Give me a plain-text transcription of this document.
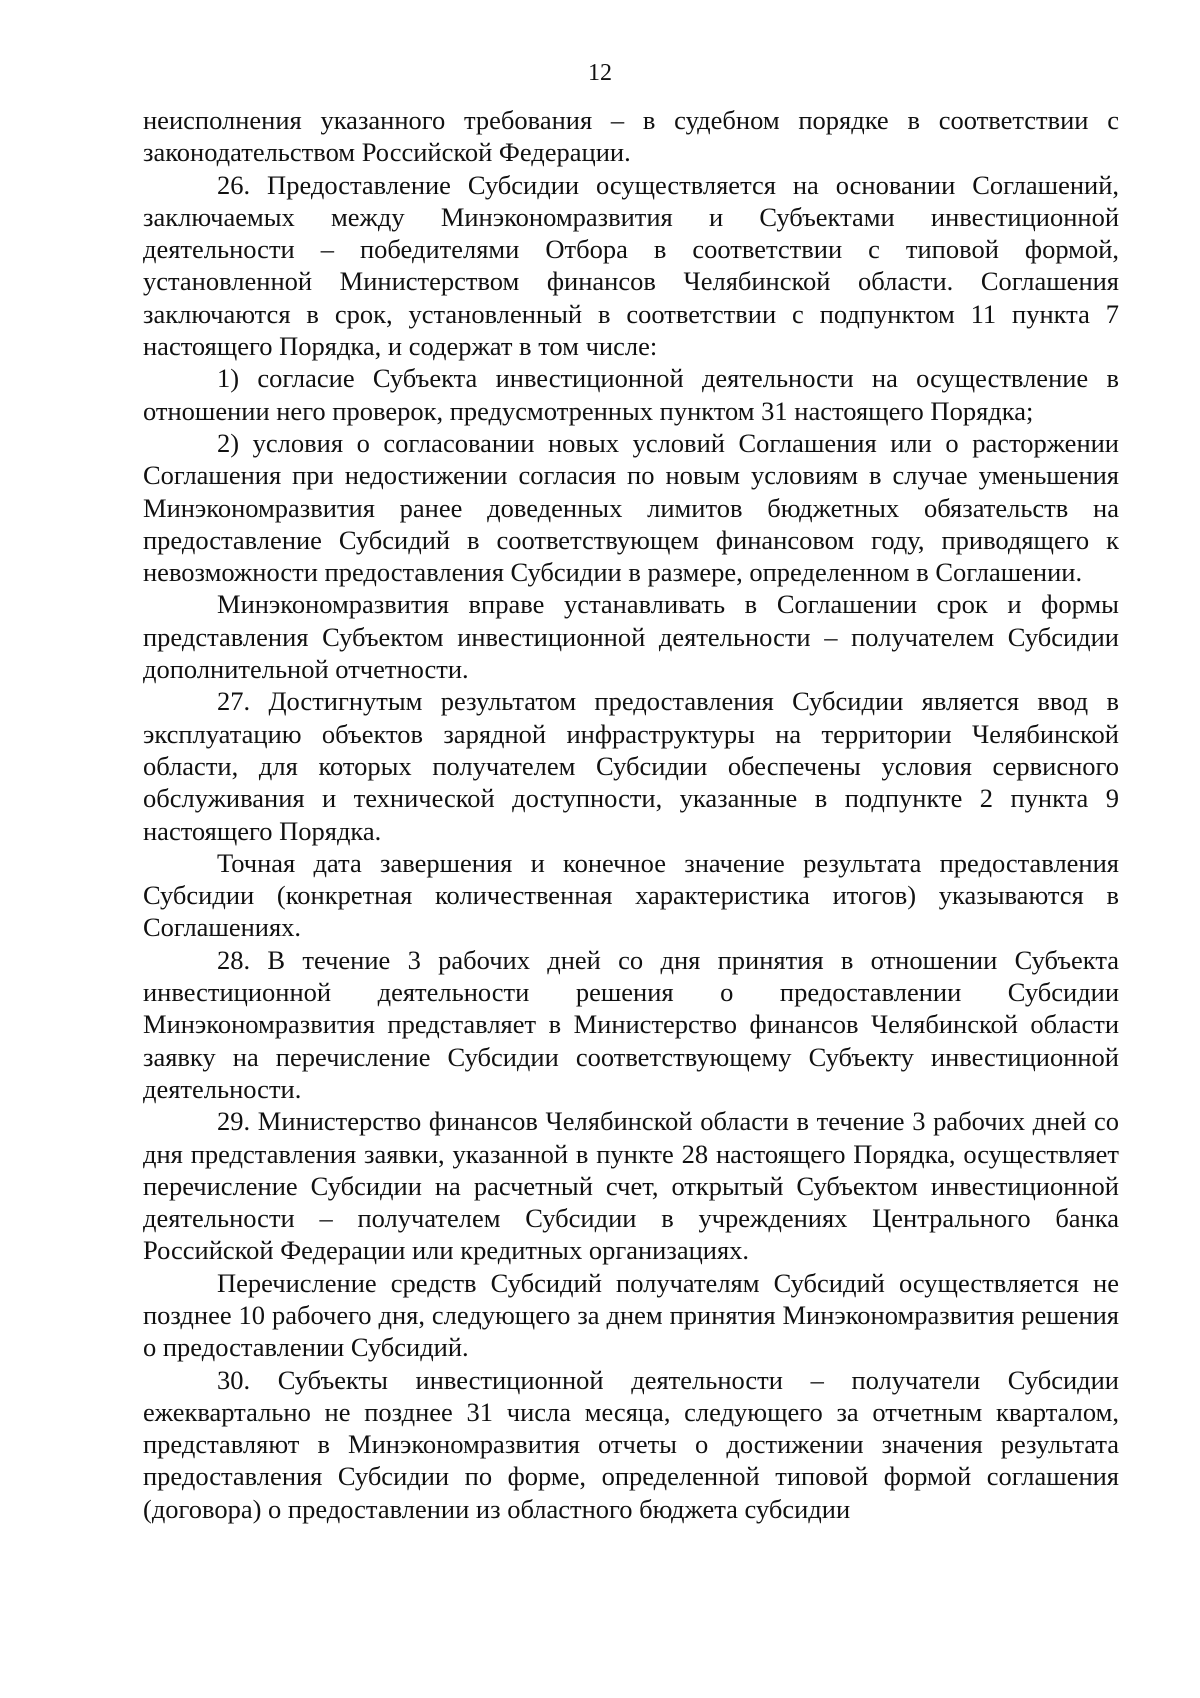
12

неисполнения указанного требования – в судебном порядке в соответствии с законодательством Российской Федерации.

26. Предоставление Субсидии осуществляется на основании Соглашений, заключаемых между Минэкономразвития и Субъектами инвестиционной деятельности – победителями Отбора в соответствии с типовой формой, установленной Министерством финансов Челябинской области. Соглашения заключаются в срок, установленный в соответствии с подпунктом 11 пункта 7 настоящего Порядка, и содержат в том числе:

1) согласие Субъекта инвестиционной деятельности на осуществление в отношении него проверок, предусмотренных пунктом 31 настоящего Порядка;

2) условия о согласовании новых условий Соглашения или о расторжении Соглашения при недостижении согласия по новым условиям в случае уменьшения Минэкономразвития ранее доведенных лимитов бюджетных обязательств на предоставление Субсидий в соответствующем финансовом году, приводящего к невозможности предоставления Субсидии в размере, определенном в Соглашении.

Минэкономразвития вправе устанавливать в Соглашении срок и формы представления Субъектом инвестиционной деятельности – получателем Субсидии дополнительной отчетности.

27. Достигнутым результатом предоставления Субсидии является ввод в эксплуатацию объектов зарядной инфраструктуры на территории Челябинской области, для которых получателем Субсидии обеспечены условия сервисного обслуживания и технической доступности, указанные в подпункте 2 пункта 9 настоящего Порядка.

Точная дата завершения и конечное значение результата предоставления Субсидии (конкретная количественная характеристика итогов) указываются в Соглашениях.

28. В течение 3 рабочих дней со дня принятия в отношении Субъекта инвестиционной деятельности решения о предоставлении Субсидии Минэкономразвития представляет в Министерство финансов Челябинской области заявку на перечисление Субсидии соответствующему Субъекту инвестиционной деятельности.

29. Министерство финансов Челябинской области в течение 3 рабочих дней со дня представления заявки, указанной в пункте 28 настоящего Порядка, осуществляет перечисление Субсидии на расчетный счет, открытый Субъектом инвестиционной деятельности – получателем Субсидии в учреждениях Центрального банка Российской Федерации или кредитных организациях.

Перечисление средств Субсидий получателям Субсидий осуществляется не позднее 10 рабочего дня, следующего за днем принятия Минэкономразвития решения о предоставлении Субсидий.

30. Субъекты инвестиционной деятельности – получатели Субсидии ежеквартально не позднее 31 числа месяца, следующего за отчетным кварталом, представляют в Минэкономразвития отчеты о достижении значения результата предоставления Субсидии по форме, определенной типовой формой соглашения (договора) о предоставлении из областного бюджета субсидии
